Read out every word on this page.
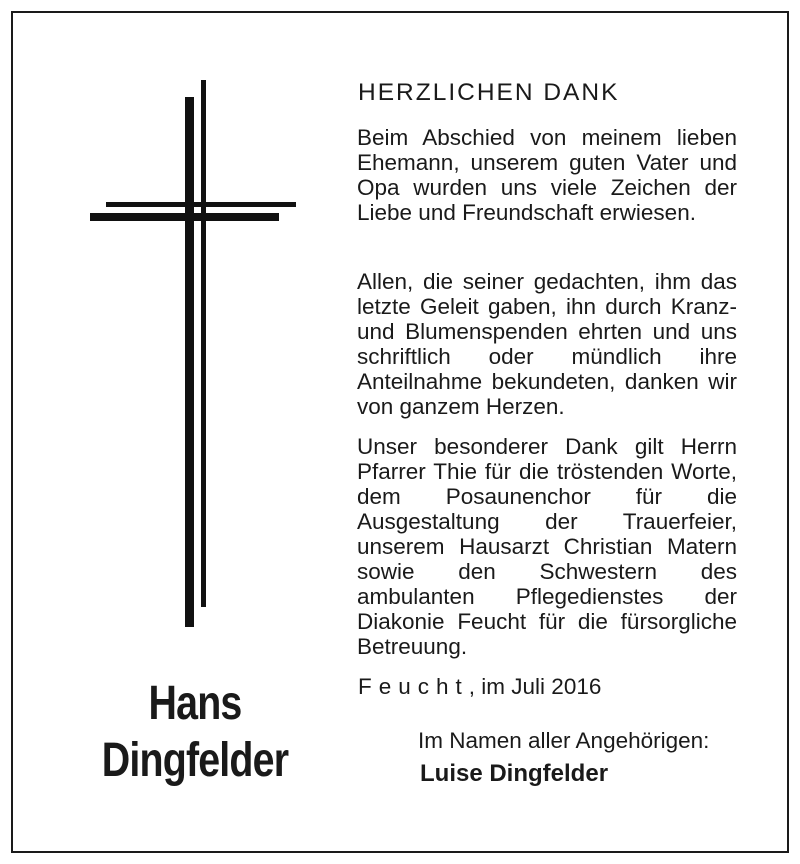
HERZLICHEN DANK

Beim Abschied von meinem lieben Ehemann, unserem guten Vater und Opa wurden uns viele Zeichen der Liebe und Freundschaft erwiesen.

Allen, die seiner gedachten, ihm das letzte Geleit gaben, ihn durch Kranz- und Blumenspenden ehrten und uns schriftlich oder mündlich ihre Anteilnahme bekundeten, danken wir von ganzem Herzen.

Unser besonderer Dank gilt Herrn Pfarrer Thie für die tröstenden Worte, dem Posaunenchor für die Ausgestaltung der Trauerfeier, unserem Hausarzt Christian Matern sowie den Schwestern des ambulanten Pflegedienstes der Diakonie Feucht für die fürsorgliche Betreuung.

Feucht, im Juli 2016
Im Namen aller Angehörigen:
Luise Dingfelder
Hans
Dingfelder
